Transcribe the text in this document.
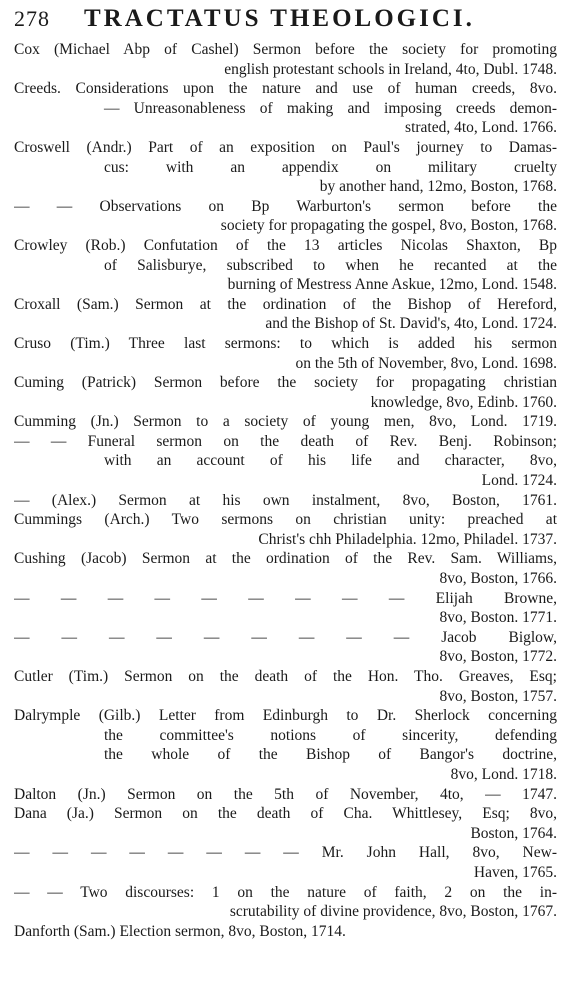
278 TRACTATUS THEOLOGICI.
Cox (Michael Abp of Cashel) Sermon before the society for promoting
english protestant schools in Ireland, 4to, Dubl. 1748.
Creeds. Considerations upon the nature and use of human creeds, 8vo.
— Unreasonableness of making and imposing creeds demon-
strated, 4to, Lond. 1766.
Croswell (Andr.) Part of an exposition on Paul's journey to Damas-
cus: with an appendix on military cruelty
by another hand, 12mo, Boston, 1768.
— — Observations on Bp Warburton's sermon before the
society for propagating the gospel, 8vo, Boston, 1768.
Crowley (Rob.) Confutation of the 13 articles Nicolas Shaxton, Bp
of Salisburye, subscribed to when he recanted at the
burning of Mestress Anne Askue, 12mo, Lond. 1548.
Croxall (Sam.) Sermon at the ordination of the Bishop of Hereford,
and the Bishop of St. David's, 4to, Lond. 1724.
Cruso (Tim.) Three last sermons: to which is added his sermon
on the 5th of November, 8vo, Lond. 1698.
Cuming (Patrick) Sermon before the society for propagating christian
knowledge, 8vo, Edinb. 1760.
Cumming (Jn.) Sermon to a society of young men, 8vo, Lond. 1719.
— — Funeral sermon on the death of Rev. Benj. Robinson;
with an account of his life and character, 8vo,
Lond. 1724.
— (Alex.) Sermon at his own instalment, 8vo, Boston, 1761.
Cummings (Arch.) Two sermons on christian unity: preached at
Christ's chh Philadelphia. 12mo, Philadel. 1737.
Cushing (Jacob) Sermon at the ordination of the Rev. Sam. Williams,
8vo, Boston, 1766.
— — — — — — — — — Elijah Browne,
8vo, Boston. 1771.
— — — — — — — — — Jacob Biglow,
8vo, Boston, 1772.
Cutler (Tim.) Sermon on the death of the Hon. Tho. Greaves, Esq;
8vo, Boston, 1757.
Dalrymple (Gilb.) Letter from Edinburgh to Dr. Sherlock concerning
the committee's notions of sincerity, defending
the whole of the Bishop of Bangor's doctrine,
8vo, Lond. 1718.
Dalton (Jn.) Sermon on the 5th of November, 4to, — 1747.
Dana (Ja.) Sermon on the death of Cha. Whittlesey, Esq; 8vo,
Boston, 1764.
— — — — — — — — Mr. John Hall, 8vo, New-
Haven, 1765.
— — Two discourses: 1 on the nature of faith, 2 on the in-
scrutability of divine providence, 8vo, Boston, 1767.
Danforth (Sam.) Election sermon, 8vo, Boston, 1714.
